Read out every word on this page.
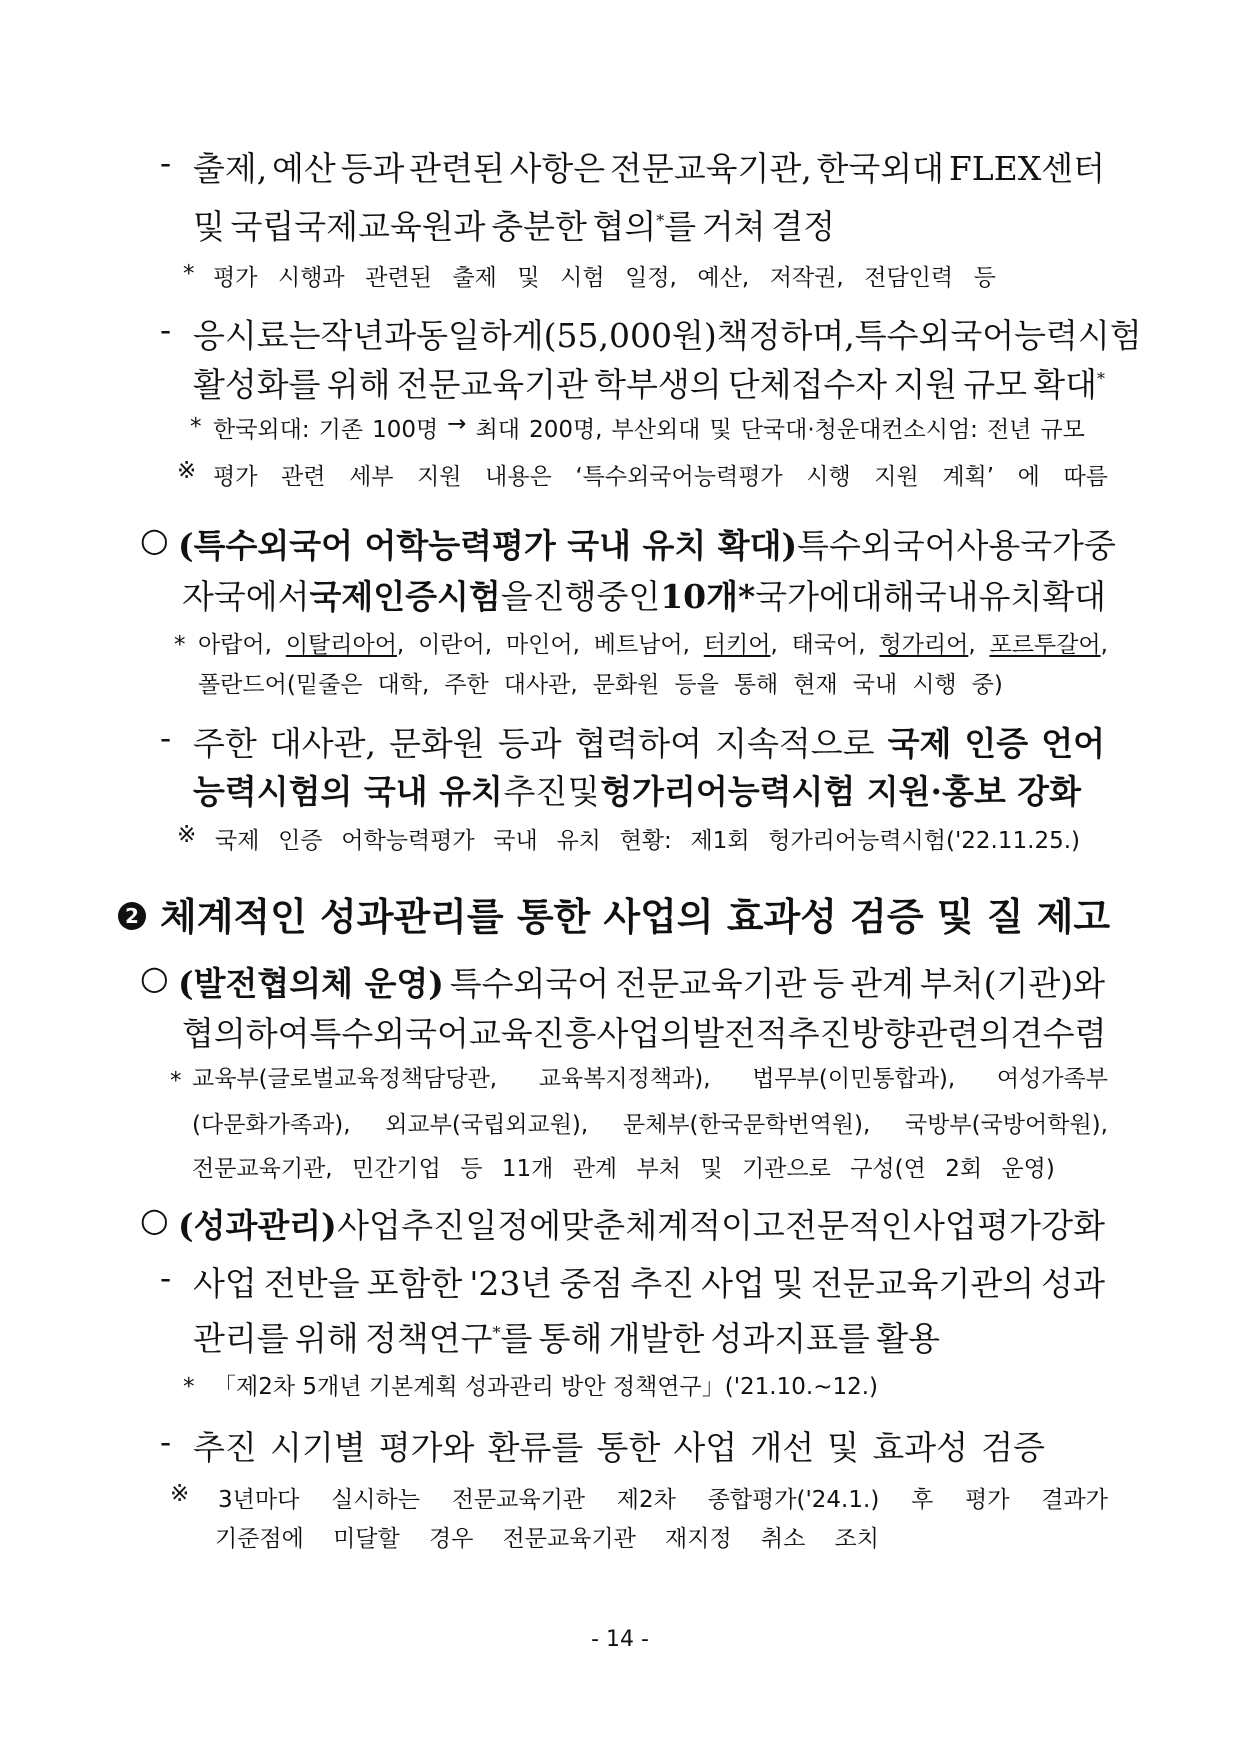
- 출제, 예산 등과 관련된 사항은 전문교육기관, 한국외대 FLEX센터
및 국립국제교육원과 충분한 협의*를 거쳐 결정
* 평가 시행과 관련된 출제 및 시험 일정, 예산, 저작권, 전담인력 등
- 응시료는 작년과 동일하게(55,000원) 책정하며, 특수외국어능력시험
활성화를 위해 전문교육기관 학부생의 단체접수자 지원 규모 확대*
* 한국외대: 기존 100명 → 최대 200명, 부산외대 및 단국대·청운대컨소시엄: 전년 규모
※ 평가 관련 세부 지원 내용은 ‘특수외국어능력평가 시행 지원 계획’ 에 따름
○ (특수외국어 어학능력평가 국내 유치 확대) 특수외국어 사용 국가 중
자국에서 국제인증시험을 진행 중인 10개* 국가에 대해 국내 유치 확대
* 아랍어, 이탈리아어, 이란어, 마인어, 베트남어, 터키어, 태국어, 헝가리어, 포르투갈어,
폴란드어(밑줄은 대학, 주한 대사관, 문화원 등을 통해 현재 국내 시행 중)
- 주한 대사관, 문화원 등과 협력하여 지속적으로 국제 인증 언어
능력시험의 국내 유치 추진 및 헝가리어능력시험 지원·홍보 강화
※ 국제 인증 어학능력평가 국내 유치 현황: 제1회 헝가리어능력시험('22.11.25.)
2 체계적인 성과관리를 통한 사업의 효과성 검증 및 질 제고
○ (발전협의체 운영) 특수외국어 전문교육기관 등 관계 부처(기관)와
협의하여 특수외국어 교육 진흥 사업의 발전적 추진 방향 관련 의견수렴
* 교육부(글로벌교육정책담당관, 교육복지정책과), 법무부(이민통합과), 여성가족부
(다문화가족과), 외교부(국립외교원), 문체부(한국문학번역원), 국방부(국방어학원),
전문교육기관, 민간기업 등 11개 관계 부처 및 기관으로 구성(연 2회 운영)
○ (성과관리) 사업 추진 일정에 맞춘 체계적이고 전문적인 사업 평가 강화
- 사업 전반을 포함한 '23년 중점 추진 사업 및 전문교육기관의 성과
관리를 위해 정책연구*를 통해 개발한 성과지표를 활용
* 「제2차 5개년 기본계획 성과관리 방안 정책연구」('21.10.~12.)
- 추진 시기별 평가와 환류를 통한 사업 개선 및 효과성 검증
※ 3년마다 실시하는 전문교육기관 제2차 종합평가('24.1.) 후 평가 결과가
기준점에 미달할 경우 전문교육기관 재지정 취소 조치
- 14 -
